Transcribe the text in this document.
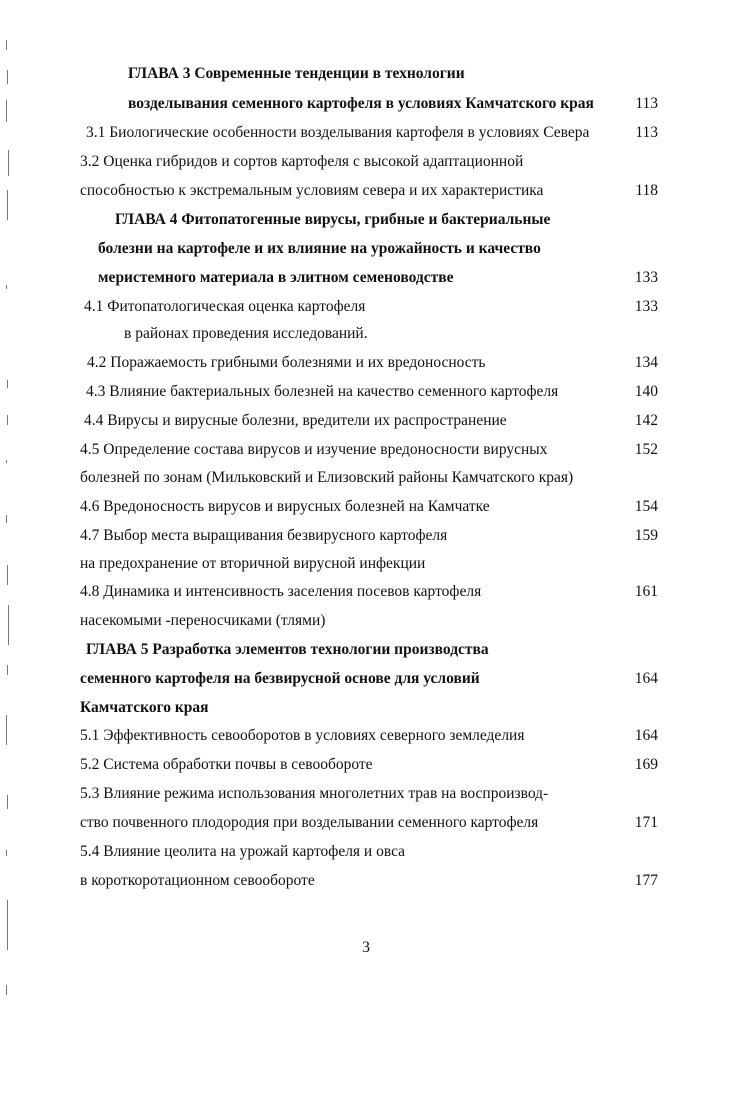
ГЛАВА 3 Современные тенденции в технологии
возделывания семенного картофеля в условиях Камчатского края	113
3.1 Биологические особенности возделывания картофеля в условиях Севера	113
3.2 Оценка гибридов и сортов картофеля с высокой адаптационной
способностью к экстремальным условиям севера и их характеристика	118
ГЛАВА 4 Фитопатогенные вирусы, грибные и бактериальные
болезни на картофеле и их влияние на урожайность и качество
меристемного материала в элитном семеноводстве	133
4.1 Фитопатологическая оценка картофеля	133
в районах проведения исследований.
4.2 Поражаемость грибными болезнями и их вредоносность	134
4.3 Влияние бактериальных болезней на качество семенного картофеля	140
4.4 Вирусы и вирусные болезни, вредители их распространение	142
4.5 Определение состава вирусов и изучение вредоносности вирусных	152
болезней по зонам (Мильковский и Елизовский районы Камчатского края)
4.6 Вредоносность вирусов и вирусных болезней на Камчатке	154
4.7 Выбор места выращивания безвирусного картофеля	159
на предохранение от вторичной вирусной инфекции
4.8 Динамика и интенсивность заселения посевов картофеля	161
насекомыми -переносчиками (тлями)
ГЛАВА 5 Разработка элементов технологии производства
семенного картофеля на безвирусной основе для условий	164
Камчатского края
5.1 Эффективность севооборотов в условиях северного земледелия	164
5.2 Система обработки почвы в севообороте	169
5.3 Влияние режима использования многолетних трав на воспроизвод-
ство почвенного плодородия при возделывании семенного картофеля	171
5.4 Влияние цеолита на урожай картофеля и овса
в короткоротационном севообороте	177
3
